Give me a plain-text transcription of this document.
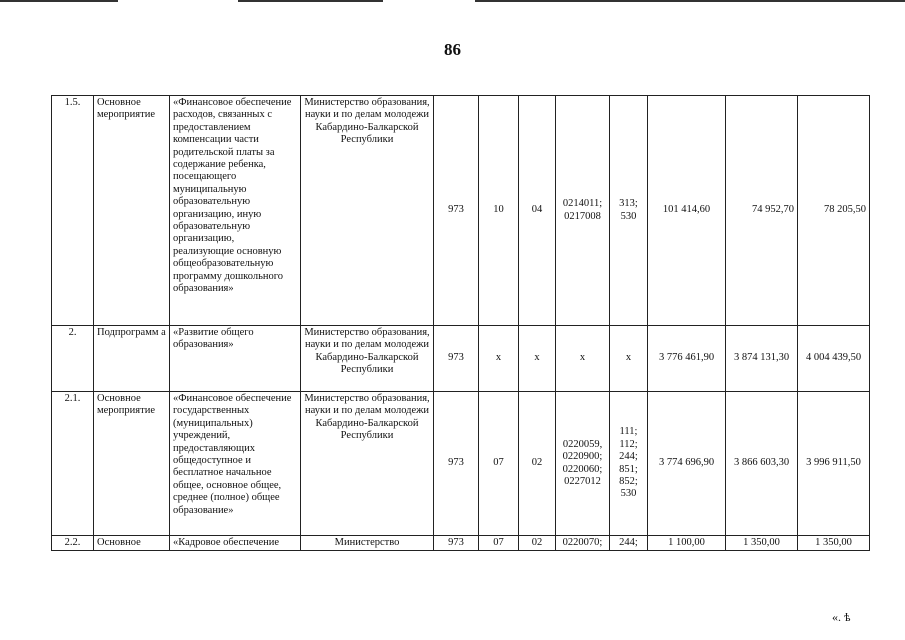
86
1.5.	Основное мероприятие	«Финансовое обеспечение расходов, связанных с предоставлением компенсации части родительской платы за содержание ребенка, посещающего муниципальную образовательную организацию, иную образовательную организацию, реализующие основную общеобразовательную программу дошкольного образования»	Министерство образования, науки и по делам молодежи Кабардино-Балкарской Республики	973	10	04	0214011; 0217008	313; 530	101 414,60	74 952,70	78 205,50
2.	Подпрограмм а	«Развитие общего образования»	Министерство образования, науки и по делам молодежи Кабардино-Балкарской Республики	973	х	х	х	х	3 776 461,90	3 874 131,30	4 004 439,50
2.1.	Основное мероприятие	«Финансовое обеспечение государственных (муниципальных) учреждений, предоставляющих общедоступное и бесплатное начальное общее, основное общее, среднее (полное) общее образование»	Министерство образования, науки и по делам молодежи Кабардино-Балкарской Республики	973	07	02	0220059, 0220900; 0220060; 0227012	111; 112; 244; 851; 852; 530	3 774 696,90	3 866 603,30	3 996 911,50
2.2.	Основное	«Кадровое обеспечение	Министерство	973	07	02	0220070;	244;	1 100,00	1 350,00	1 350,00
«. ѣ
